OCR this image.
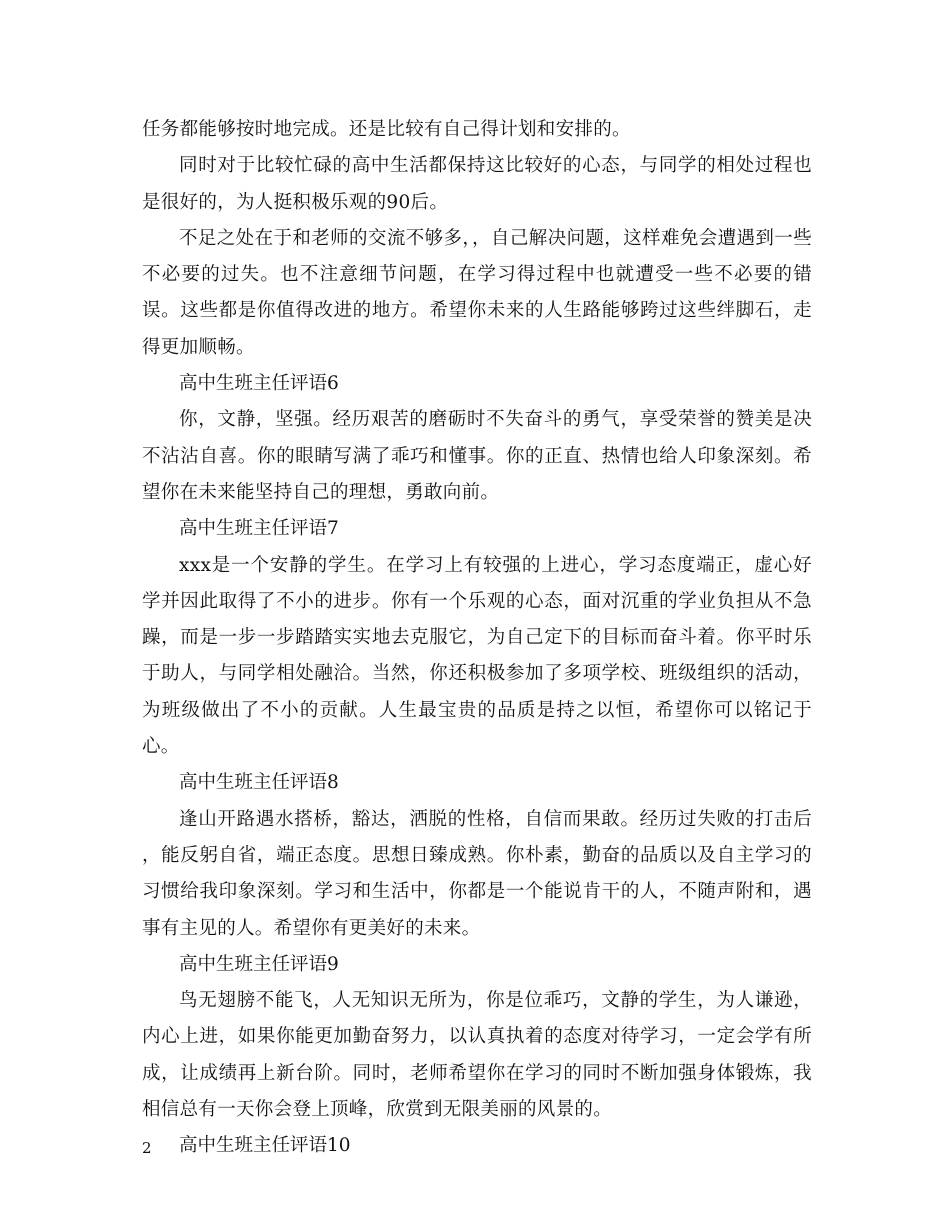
任务都能够按时地完成。还是比较有自己得计划和安排的。

同时对于比较忙碌的高中生活都保持这比较好的心态，与同学的相处过程也是很好的，为人挺积极乐观的90后。

不足之处在于和老师的交流不够多，，自己解决问题，这样难免会遭遇到一些不必要的过失。也不注意细节问题，在学习得过程中也就遭受一些不必要的错误。这些都是你值得改进的地方。希望你未来的人生路能够跨过这些绊脚石，走得更加顺畅。

高中生班主任评语6

你，文静，坚强。经历艰苦的磨砺时不失奋斗的勇气，享受荣誉的赞美是决不沾沾自喜。你的眼睛写满了乖巧和懂事。你的正直、热情也给人印象深刻。希望你在未来能坚持自己的理想，勇敢向前。

高中生班主任评语7

xxx是一个安静的学生。在学习上有较强的上进心，学习态度端正，虚心好学并因此取得了不小的进步。你有一个乐观的心态，面对沉重的学业负担从不急躁，而是一步一步踏踏实实地去克服它，为自己定下的目标而奋斗着。你平时乐于助人，与同学相处融洽。当然，你还积极参加了多项学校、班级组织的活动，为班级做出了不小的贡献。人生最宝贵的品质是持之以恒，希望你可以铭记于心。

高中生班主任评语8

逢山开路遇水搭桥，豁达，洒脱的性格，自信而果敢。经历过失败的打击后 ，能反躬自省，端正态度。思想日臻成熟。你朴素，勤奋的品质以及自主学习的习惯给我印象深刻。学习和生活中，你都是一个能说肯干的人，不随声附和，遇事有主见的人。希望你有更美好的未来。

高中生班主任评语9

鸟无翅膀不能飞，人无知识无所为，你是位乖巧，文静的学生，为人谦逊，内心上进，如果你能更加勤奋努力，以认真执着的态度对待学习，一定会学有所成，让成绩再上新台阶。同时，老师希望你在学习的同时不断加强身体锻炼，我相信总有一天你会登上顶峰，欣赏到无限美丽的风景的。

高中生班主任评语10

2
